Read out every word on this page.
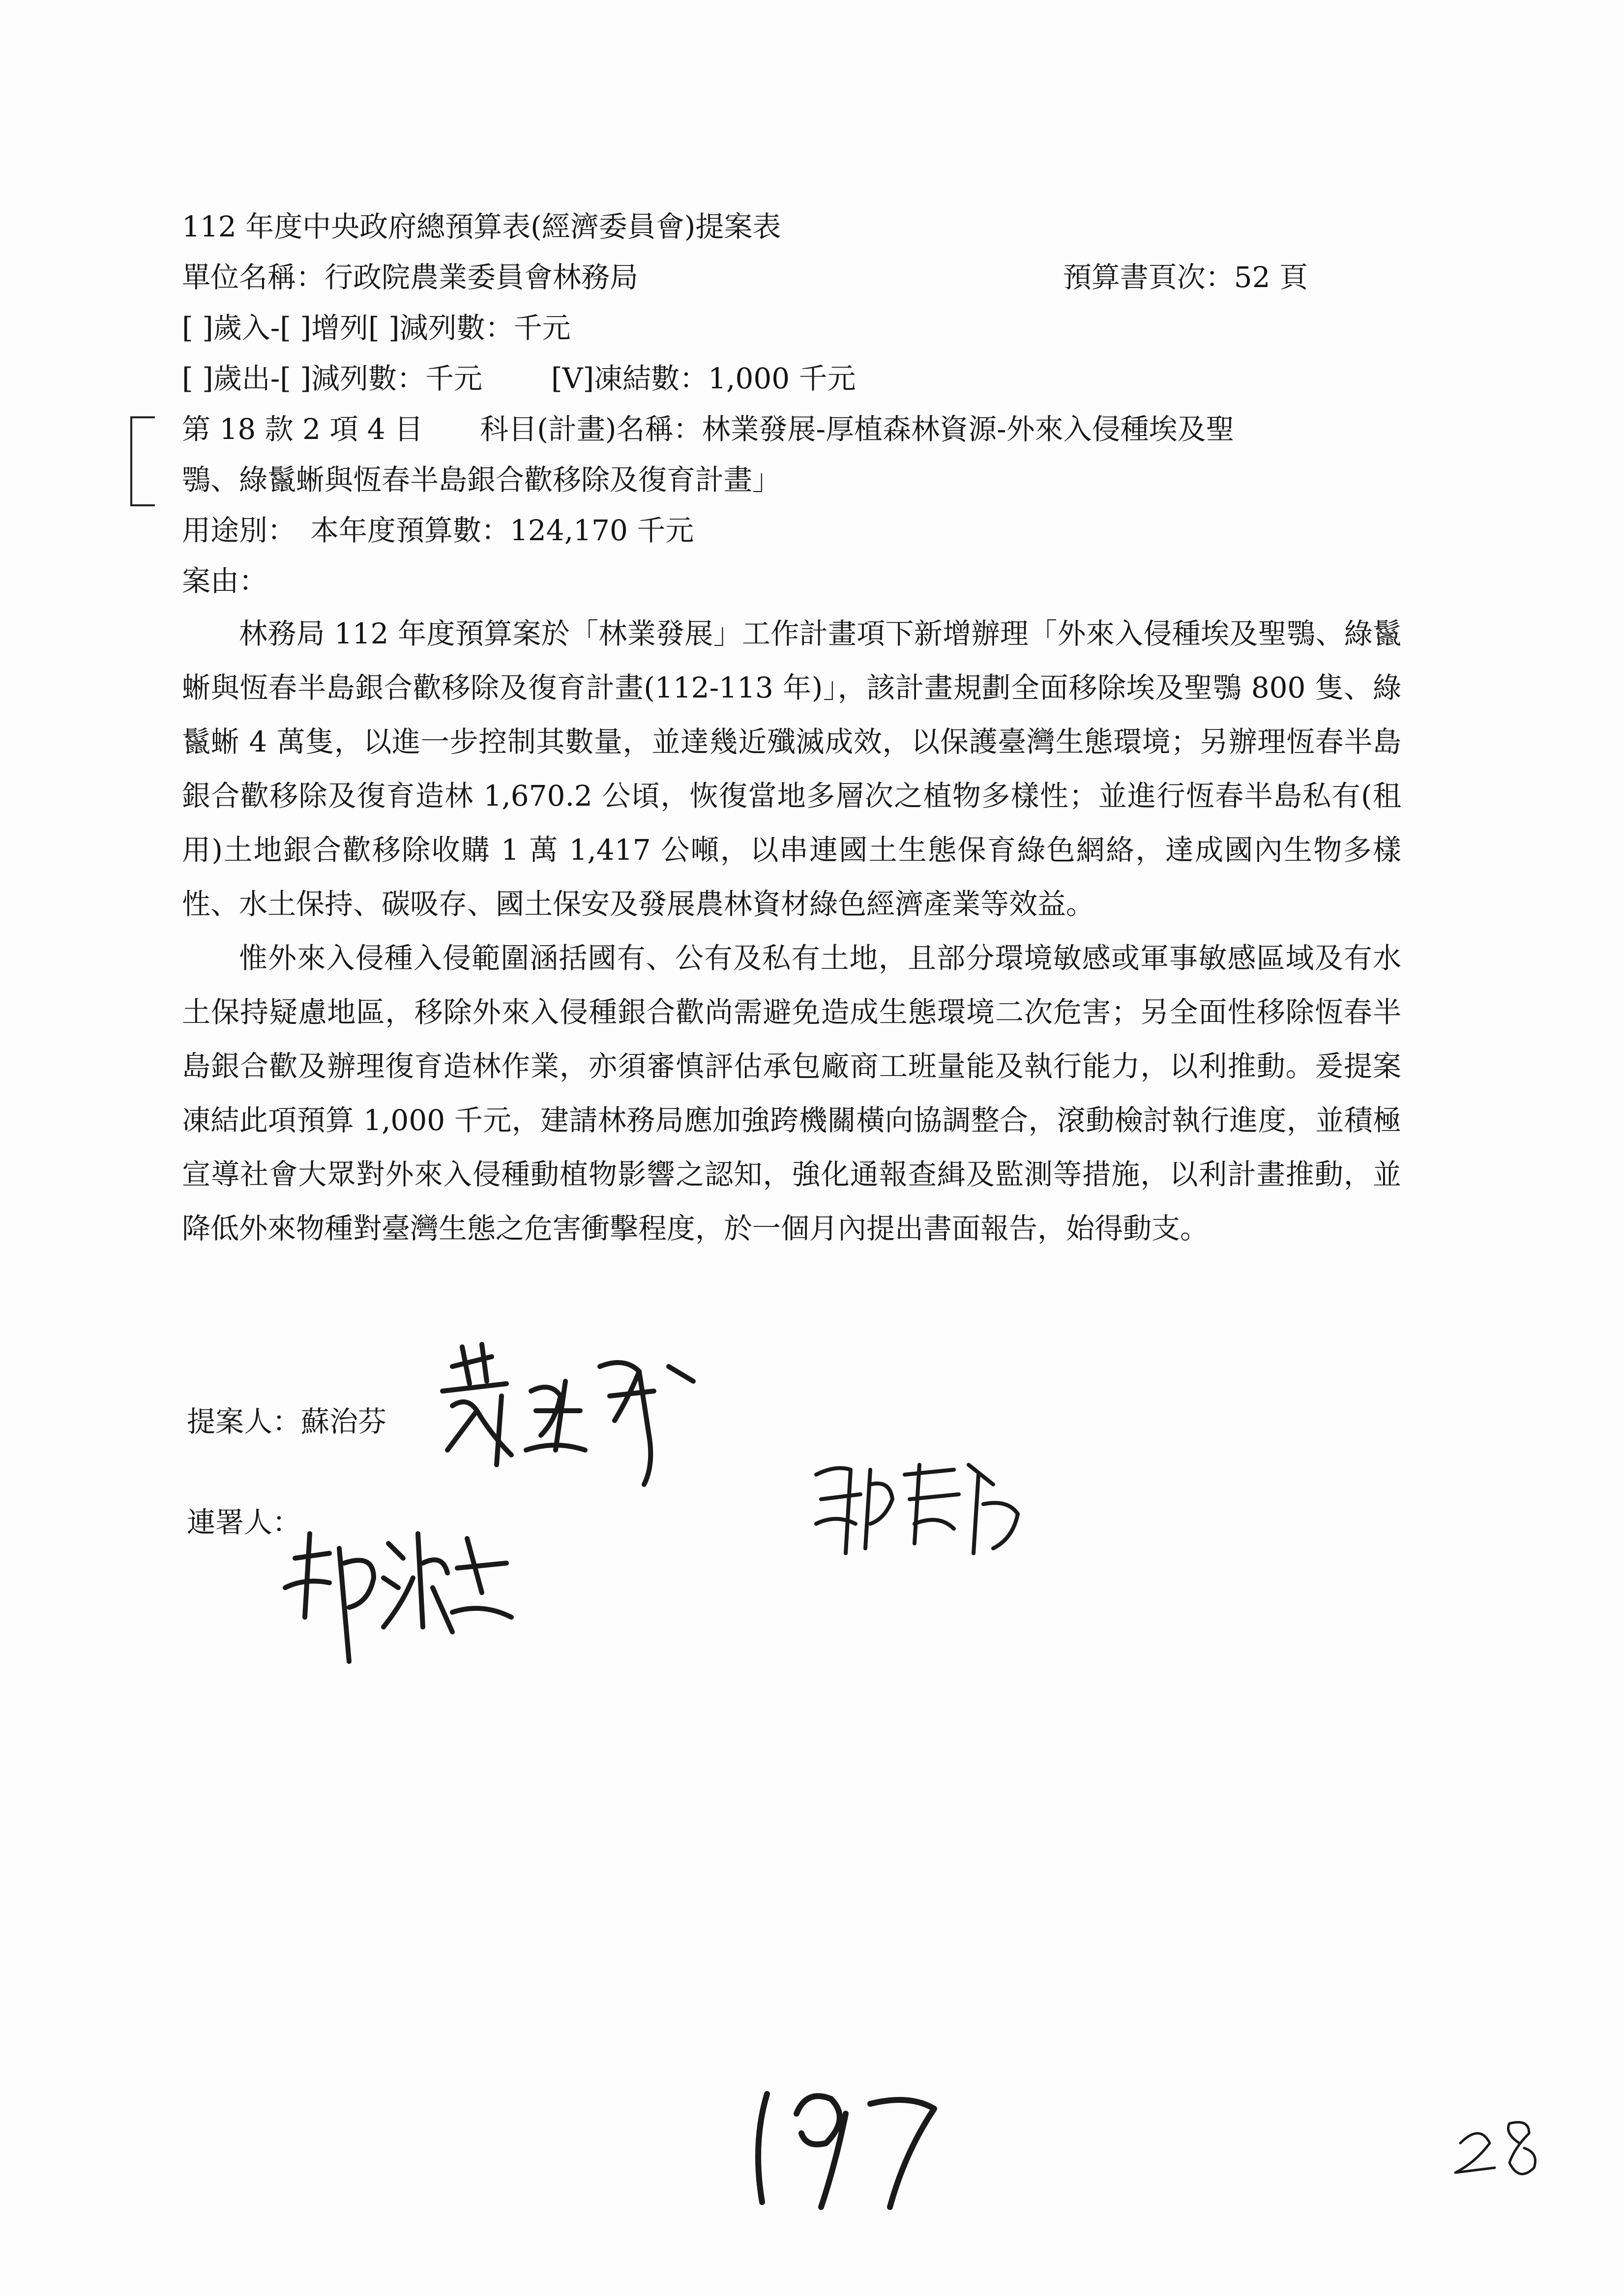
112 年度中央政府總預算表(經濟委員會)提案表
單位名稱：行政院農業委員會林務局	預算書頁次：52 頁
[ ]歲入-[ ]增列[ ]減列數：千元
[ ]歲出-[ ]減列數：千元 [V]凍結數：1,000 千元
第 18 款 2 項 4 目　　科目(計畫)名稱：林業發展-厚植森林資源-外來入侵種埃及聖
鶚、綠鬣蜥與恆春半島銀合歡移除及復育計畫」
用途別：　本年度預算數：124,170 千元
案由：

林務局 112 年度預算案於「林業發展」工作計畫項下新增辦理「外來入侵種埃及聖鶚、綠鬣蜥與恆春半島銀合歡移除及復育計畫(112-113 年)」，該計畫規劃全面移除埃及聖鶚 800 隻、綠鬣蜥 4 萬隻，以進一步控制其數量，並達幾近殲滅成效，以保護臺灣生態環境；另辦理恆春半島銀合歡移除及復育造林 1,670.2 公頃，恢復當地多層次之植物多樣性；並進行恆春半島私有(租用)土地銀合歡移除收購 1 萬 1,417 公噸，以串連國土生態保育綠色網絡，達成國內生物多樣性、水土保持、碳吸存、國土保安及發展農林資材綠色經濟產業等效益。

惟外來入侵種入侵範圍涵括國有、公有及私有土地，且部分環境敏感或軍事敏感區域及有水土保持疑慮地區，移除外來入侵種銀合歡尚需避免造成生態環境二次危害；另全面性移除恆春半島銀合歡及辦理復育造林作業，亦須審慎評估承包廠商工班量能及執行能力，以利推動。爰提案凍結此項預算 1,000 千元，建請林務局應加強跨機關橫向協調整合，滾動檢討執行進度，並積極宣導社會大眾對外來入侵種動植物影響之認知，強化通報查緝及監測等措施，以利計畫推動，並降低外來物種對臺灣生態之危害衝擊程度，於一個月內提出書面報告，始得動支。

提案人：蘇治芬
連署人：
197
